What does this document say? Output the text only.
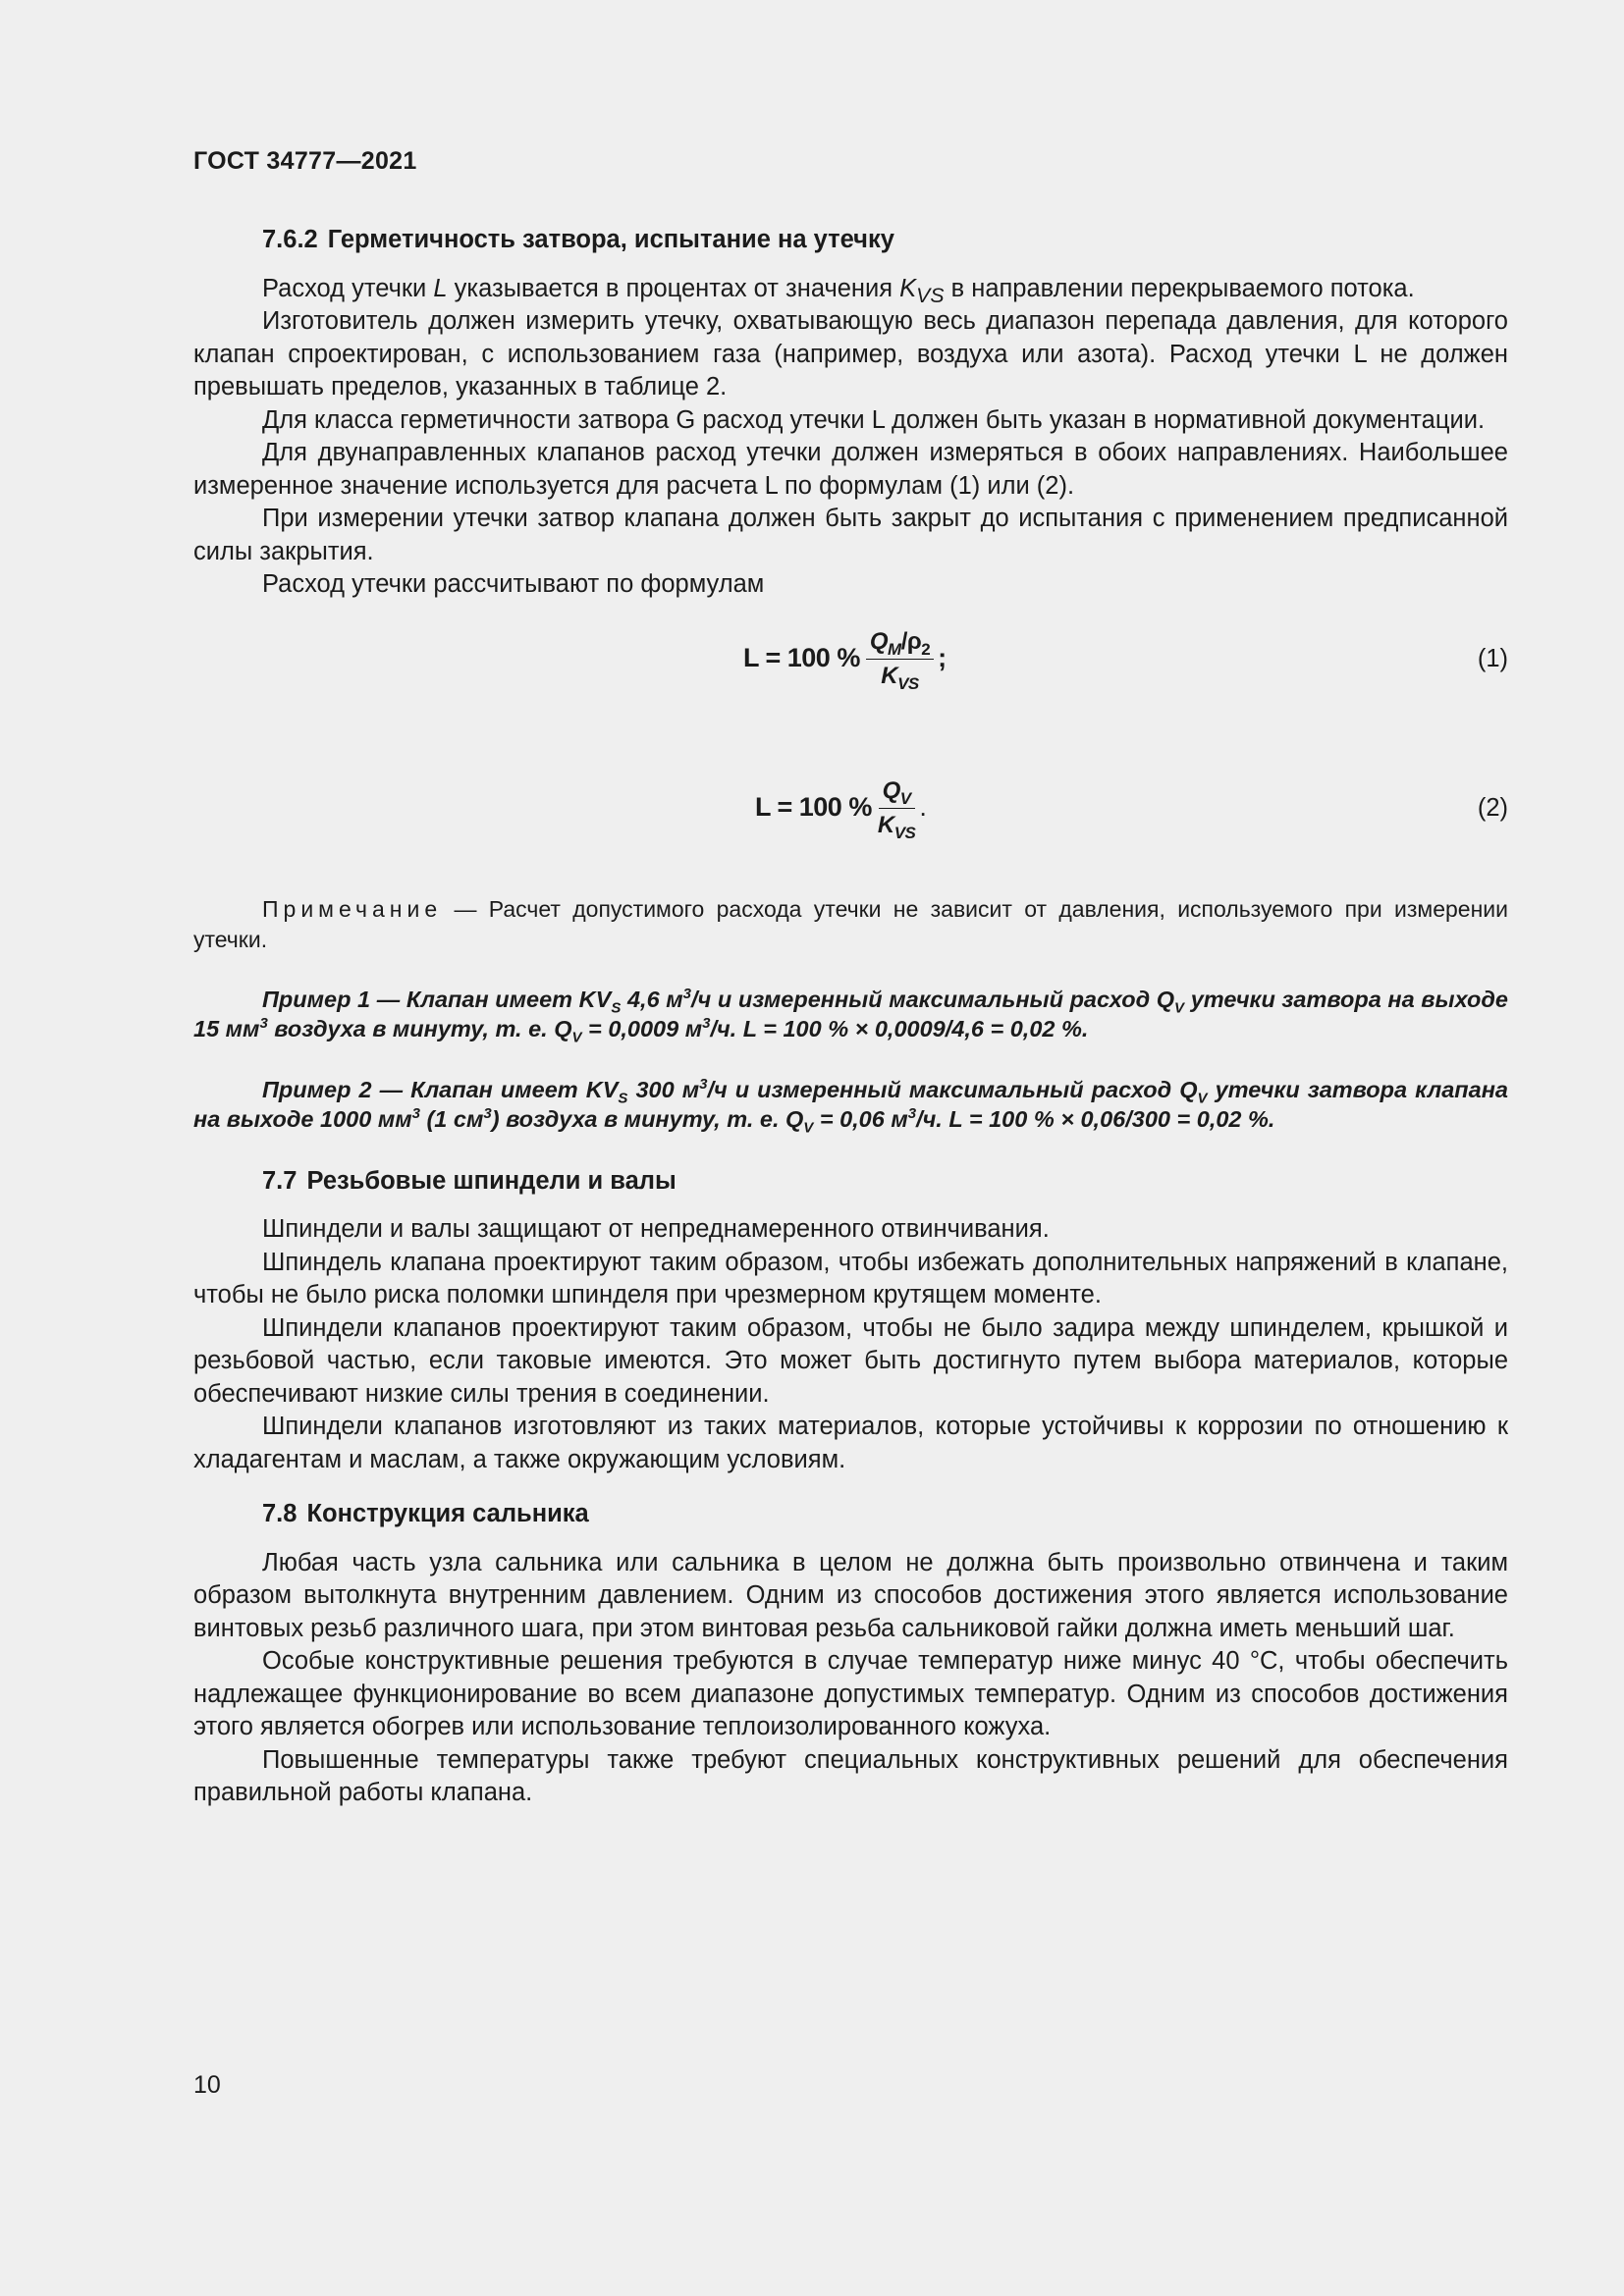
ГОСТ 34777—2021
7.6.2 Герметичность затвора, испытание на утечку

Расход утечки L указывается в процентах от значения $K_{VS}$ в направлении перекрываемого потока.

Изготовитель должен измерить утечку, охватывающую весь диапазон перепада давления, для которого клапан спроектирован, с использованием газа (например, воздуха или азота). Расход утечки L не должен превышать пределов, указанных в таблице 2.

Для класса герметичности затвора G расход утечки L должен быть указан в нормативной документации.

Для двунаправленных клапанов расход утечки должен измеряться в обоих направлениях. Наибольшее измеренное значение используется для расчета L по формулам (1) или (2).

При измерении утечки затвор клапана должен быть закрыт до испытания с применением предписанной силы закрытия.

Расход утечки рассчитывают по формулам

L = 100 % $\frac{Q_M/\rho_2}{K_{VS}}$ ;	(1)
L = 100 % $\frac{Q_V}{K_{VS}}$ .	(2)

Примечание — Расчет допустимого расхода утечки не зависит от давления, используемого при измерении утечки.

Пример 1 — Клапан имеет $KV_S$ 4,6 $м^3/ч$ и измеренный максимальный расход $Q_V$ утечки затвора на выходе 15 $мм^3$ воздуха в минуту, т. е. $Q_V = 0,0009$ $м^3/ч$. L = 100 % × 0,0009/4,6 = 0,02 %.

Пример 2 — Клапан имеет $KV_S$ 300 $м^3/ч$ и измеренный максимальный расход $Q_V$ утечки затвора клапана на выходе 1000 $мм^3$ (1 $см^3$) воздуха в минуту, т. е. $Q_V = 0,06$ $м^3/ч$. L = 100 % × 0,06/300 = 0,02 %.

7.7 Резьбовые шпиндели и валы

Шпиндели и валы защищают от непреднамеренного отвинчивания.

Шпиндель клапана проектируют таким образом, чтобы избежать дополнительных напряжений в клапане, чтобы не было риска поломки шпинделя при чрезмерном крутящем моменте.

Шпиндели клапанов проектируют таким образом, чтобы не было задира между шпинделем, крышкой и резьбовой частью, если таковые имеются. Это может быть достигнуто путем выбора материалов, которые обеспечивают низкие силы трения в соединении.

Шпиндели клапанов изготовляют из таких материалов, которые устойчивы к коррозии по отношению к хладагентам и маслам, а также окружающим условиям.

7.8 Конструкция сальника

Любая часть узла сальника или сальника в целом не должна быть произвольно отвинчена и таким образом вытолкнута внутренним давлением. Одним из способов достижения этого является использование винтовых резьб различного шага, при этом винтовая резьба сальниковой гайки должна иметь меньший шаг.

Особые конструктивные решения требуются в случае температур ниже минус 40 °C, чтобы обеспечить надлежащее функционирование во всем диапазоне допустимых температур. Одним из способов достижения этого является обогрев или использование теплоизолированного кожуха.

Повышенные температуры также требуют специальных конструктивных решений для обеспечения правильной работы клапана.

10
